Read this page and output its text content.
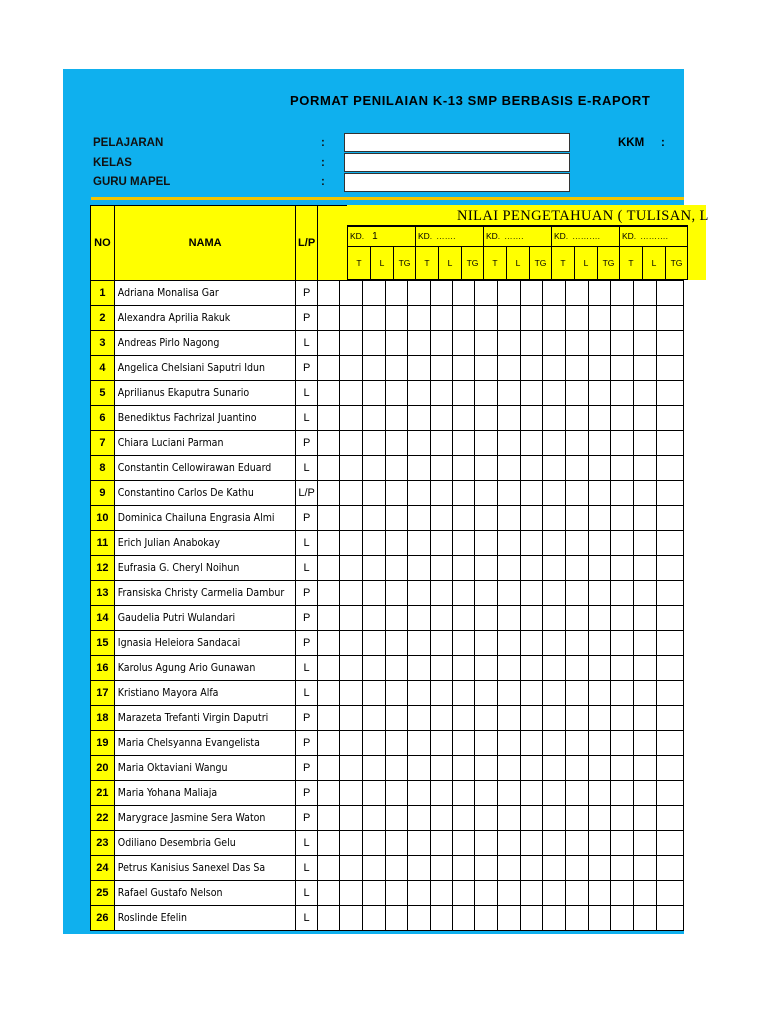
PORMAT PENILAIAN K-13 SMP BERBASIS E-RAPORT
PELAJARAN	:
KELAS	:
GURU MAPEL	:
KKM :
NO	NAMA	L/P	
1	Adriana Monalisa Gar	P	

2	Alexandra Aprilia Rakuk	P	

3	Andreas Pirlo Nagong	L	

4	Angelica Chelsiani Saputri Idun	P	

5	Aprilianus Ekaputra Sunario	L	

6	Benediktus Fachrizal Juantino	L	

7	Chiara Luciani Parman	P	

8	Constantin Cellowirawan Eduard	L	

9	Constantino Carlos De Kathu	L/P	

10	Dominica Chailuna Engrasia Almi	P	

11	Erich Julian Anabokay	L	

12	Eufrasia G. Cheryl Noihun	L	

13	Fransiska Christy Carmelia Dambur	P	

14	Gaudelia Putri Wulandari	P	

15	Ignasia Heleiora Sandacai	P	

16	Karolus Agung Ario Gunawan	L	

17	Kristiano Mayora Alfa	L	

18	Marazeta Trefanti Virgin Daputri	P	

19	Maria Chelsyanna Evangelista	P	

20	Maria Oktaviani Wangu	P	

21	Maria Yohana Maliaja	P	

22	Marygrace Jasmine Sera Waton	P	

23	Odiliano Desembria Gelu	L	

24	Petrus Kanisius Sanexel Das Sa	L	

25	Rafael Gustafo Nelson	L	

26	Roslinde Efelin	L	
NILAI PENGETAHUAN ( TULISAN, L
KD. 1	KD. …….	KD. …….	KD. ……….	KD. ……….
T	L	TG	T	L	TG	T	L	TG	T	L	TG	T	L	TG
